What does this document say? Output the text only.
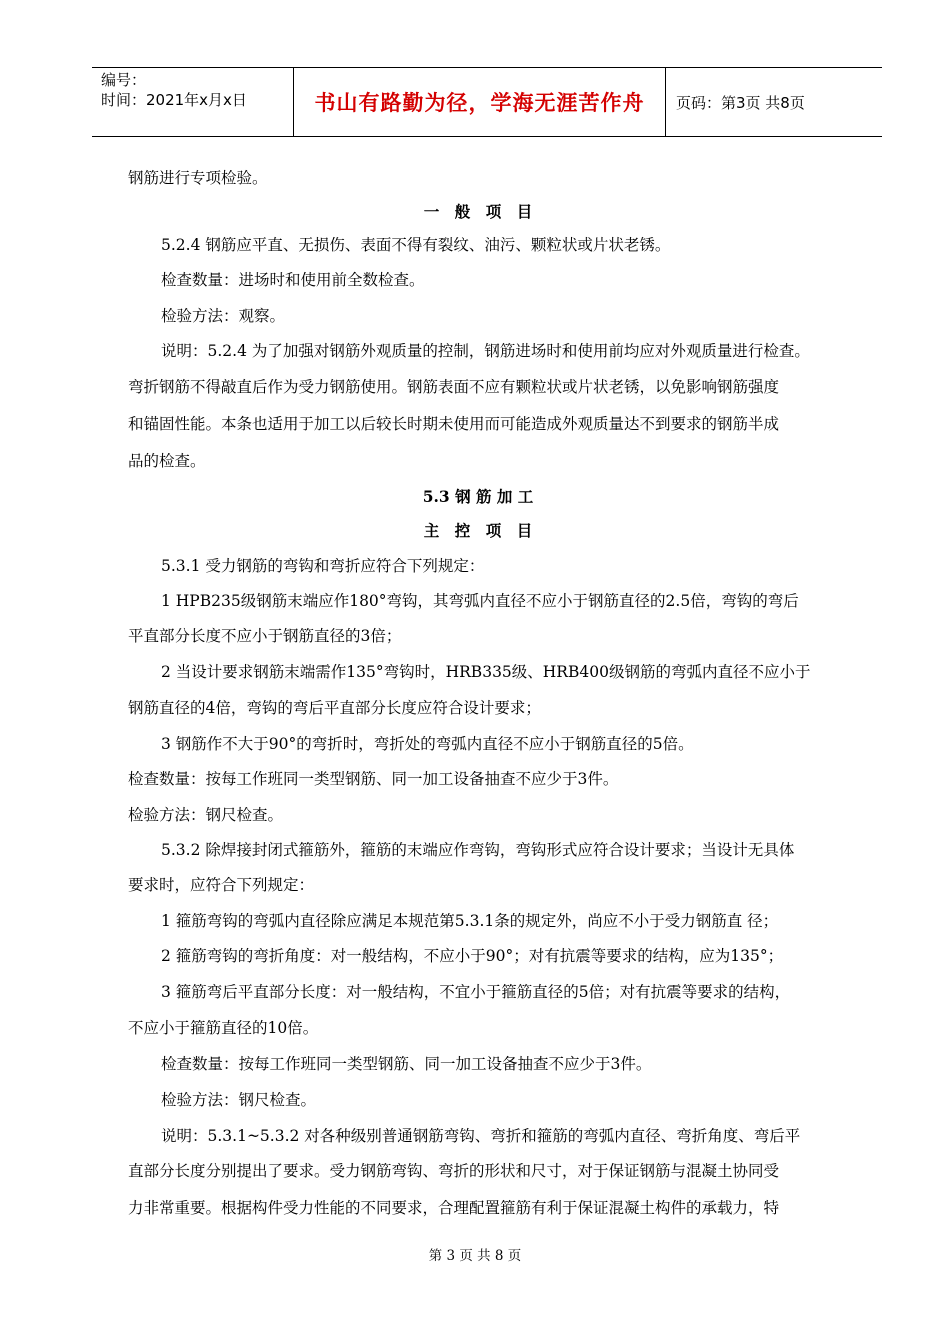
编号：
时间：2021年x月x日	书山有路勤为径，学海无涯苦作舟 页码：第3页 共8页
钢筋进行专项检验。
一　般　项　目
5.2.4 钢筋应平直、无损伤、表面不得有裂纹、油污、颗粒状或片状老锈。
检查数量：进场时和使用前全数检查。
检验方法：观察。
说明：5.2.4 为了加强对钢筋外观质量的控制，钢筋进场时和使用前均应对外观质量进行检查。
弯折钢筋不得敲直后作为受力钢筋使用。钢筋表面不应有颗粒状或片状老锈，以免影响钢筋强度
和锚固性能。本条也适用于加工以后较长时期未使用而可能造成外观质量达不到要求的钢筋半成
品的检查。
5.3 钢 筋 加 工
主　控　项　目
5.3.1 受力钢筋的弯钩和弯折应符合下列规定：
1 HPB235级钢筋末端应作180°弯钩，其弯弧内直径不应小于钢筋直径的2.5倍，弯钩的弯后
平直部分长度不应小于钢筋直径的3倍；
2 当设计要求钢筋末端需作135°弯钩时，HRB335级、HRB400级钢筋的弯弧内直径不应小于
钢筋直径的4倍，弯钩的弯后平直部分长度应符合设计要求；
3 钢筋作不大于90°的弯折时，弯折处的弯弧内直径不应小于钢筋直径的5倍。
检查数量：按每工作班同一类型钢筋、同一加工设备抽查不应少于3件。
检验方法：钢尺检查。
5.3.2 除焊接封闭式箍筋外，箍筋的末端应作弯钩，弯钩形式应符合设计要求；当设计无具体
要求时，应符合下列规定：
1 箍筋弯钩的弯弧内直径除应满足本规范第5.3.1条的规定外，尚应不小于受力钢筋直 径；
2 箍筋弯钩的弯折角度：对一般结构，不应小于90°；对有抗震等要求的结构，应为135°；
3 箍筋弯后平直部分长度：对一般结构，不宜小于箍筋直径的5倍；对有抗震等要求的结构，
不应小于箍筋直径的10倍。
检查数量：按每工作班同一类型钢筋、同一加工设备抽查不应少于3件。
检验方法：钢尺检查。
说明：5.3.1~5.3.2 对各种级别普通钢筋弯钩、弯折和箍筋的弯弧内直径、弯折角度、弯后平
直部分长度分别提出了要求。受力钢筋弯钩、弯折的形状和尺寸，对于保证钢筋与混凝土协同受
力非常重要。根据构件受力性能的不同要求，合理配置箍筋有利于保证混凝土构件的承载力，特
第 3 页 共 8 页
